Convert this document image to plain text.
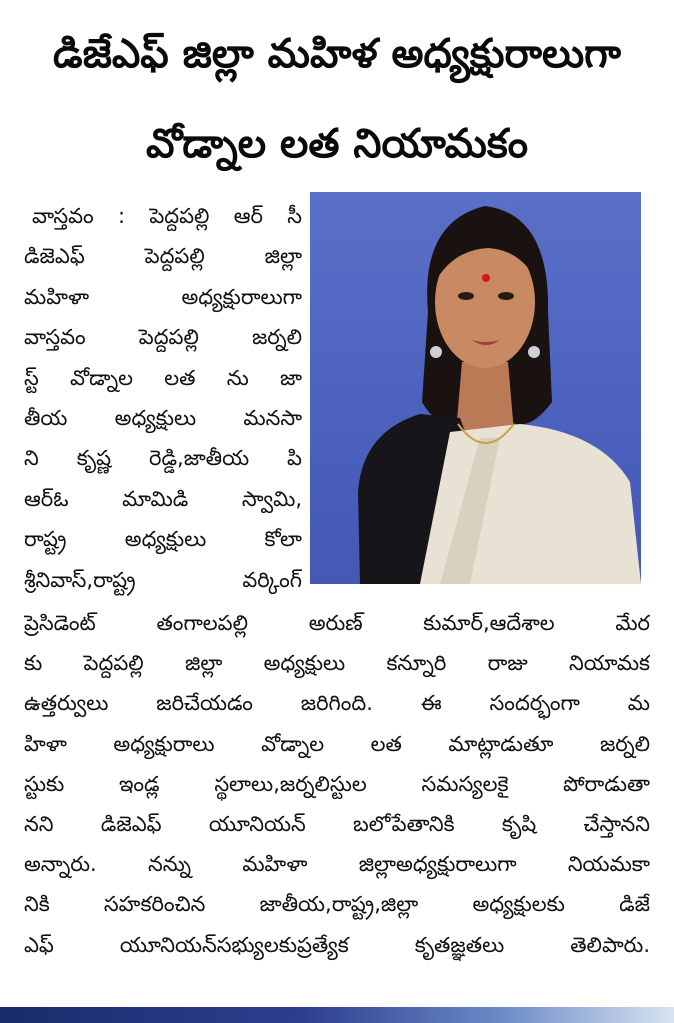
డిజేఎఫ్ జిల్లా మహిళ అధ్యక్షురాలుగా
వోడ్నాల లత నియామకం
వాస్తవం : పెద్దపల్లి ఆర్ సీ
డిజెఎఫ్ పెద్దపల్లి జిల్లా
మహిళా అధ్యక్షురాలుగా
వాస్తవం పెద్దపల్లి జర్నలి
స్ట్ వోడ్నాల లత ను జా
తీయ అధ్యక్షులు మనసా
ని కృష్ణ రెడ్డి,జాతీయ పి
ఆర్ఓ మామిడి స్వామి,
రాష్ట్ర అధ్యక్షులు కోలా
శ్రీనివాస్,రాష్ట్ర వర్కింగ్
ప్రెసిడెంట్ తంగాలపల్లి అరుణ్ కుమార్,ఆదేశాల మేర
కు పెద్దపల్లి జిల్లా అధ్యక్షులు కన్నూరి రాజు నియామక
ఉత్తర్వులు జరిచేయడం జరిగింది. ఈ సందర్భంగా మ
హిళా అధ్యక్షురాలు వోడ్నాల లత మాట్లాడుతూ జర్నలి
స్టుకు ఇండ్ల స్థలాలు,జర్నలిస్టుల సమస్యలకై పోరాడుతా
నని డిజెఎఫ్ యూనియన్ బలోపేతానికి కృషి చేస్తానని
అన్నారు. నన్ను మహిళా జిల్లాఅధ్యక్షురాలుగా నియమకా
నికి సహకరించిన జాతీయ,రాష్ట్ర,జిల్లా అధ్యక్షులకు డిజే
ఎఫ్ యూనియన్‌సభ్యులకుప్రత్యేక కృతజ్ఞతలు తెలిపారు.
